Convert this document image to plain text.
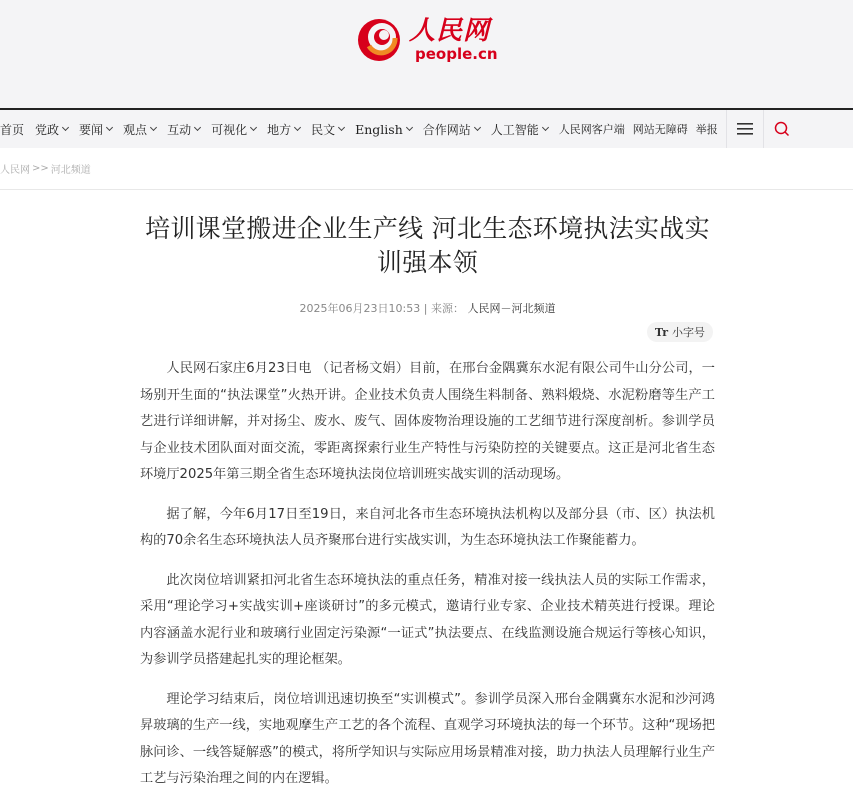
人民网
people.cn
首页 党政 要闻 观点 互动 可视化 地方 民文 English 合作网站 人工智能 人民网客户端 网站无障碍 举报
人民网 >> 河北频道
培训课堂搬进企业生产线 河北生态环境执法实战实训强本领
2025年06月23日10:53 | 来源： 人民网－河北频道
Tr 小字号

人民网石家庄6月23日电 （记者杨文娟）目前，在邢台金隅冀东水泥有限公司牛山分公司，一场别开生面的“执法课堂”火热开讲。企业技术负责人围绕生料制备、熟料煅烧、水泥粉磨等生产工艺进行详细讲解，并对扬尘、废水、废气、固体废物治理设施的工艺细节进行深度剖析。参训学员与企业技术团队面对面交流，零距离探索行业生产特性与污染防控的关键要点。这正是河北省生态环境厅2025年第三期全省生态环境执法岗位培训班实战实训的活动现场。

据了解，今年6月17日至19日，来自河北各市生态环境执法机构以及部分县（市、区）执法机构的70余名生态环境执法人员齐聚邢台进行实战实训，为生态环境执法工作聚能蓄力。

此次岗位培训紧扣河北省生态环境执法的重点任务，精准对接一线执法人员的实际工作需求，采用“理论学习+实战实训+座谈研讨”的多元模式，邀请行业专家、企业技术精英进行授课。理论内容涵盖水泥行业和玻璃行业固定污染源“一证式”执法要点、在线监测设施合规运行等核心知识，为参训学员搭建起扎实的理论框架。

理论学习结束后，岗位培训迅速切换至“实训模式”。参训学员深入邢台金隅冀东水泥和沙河鸿昇玻璃的生产一线，实地观摩生产工艺的各个流程、直观学习环境执法的每一个环节。这种“现场把脉问诊、一线答疑解惑”的模式，将所学知识与实际应用场景精准对接，助力执法人员理解行业生产工艺与污染治理之间的内在逻辑。
